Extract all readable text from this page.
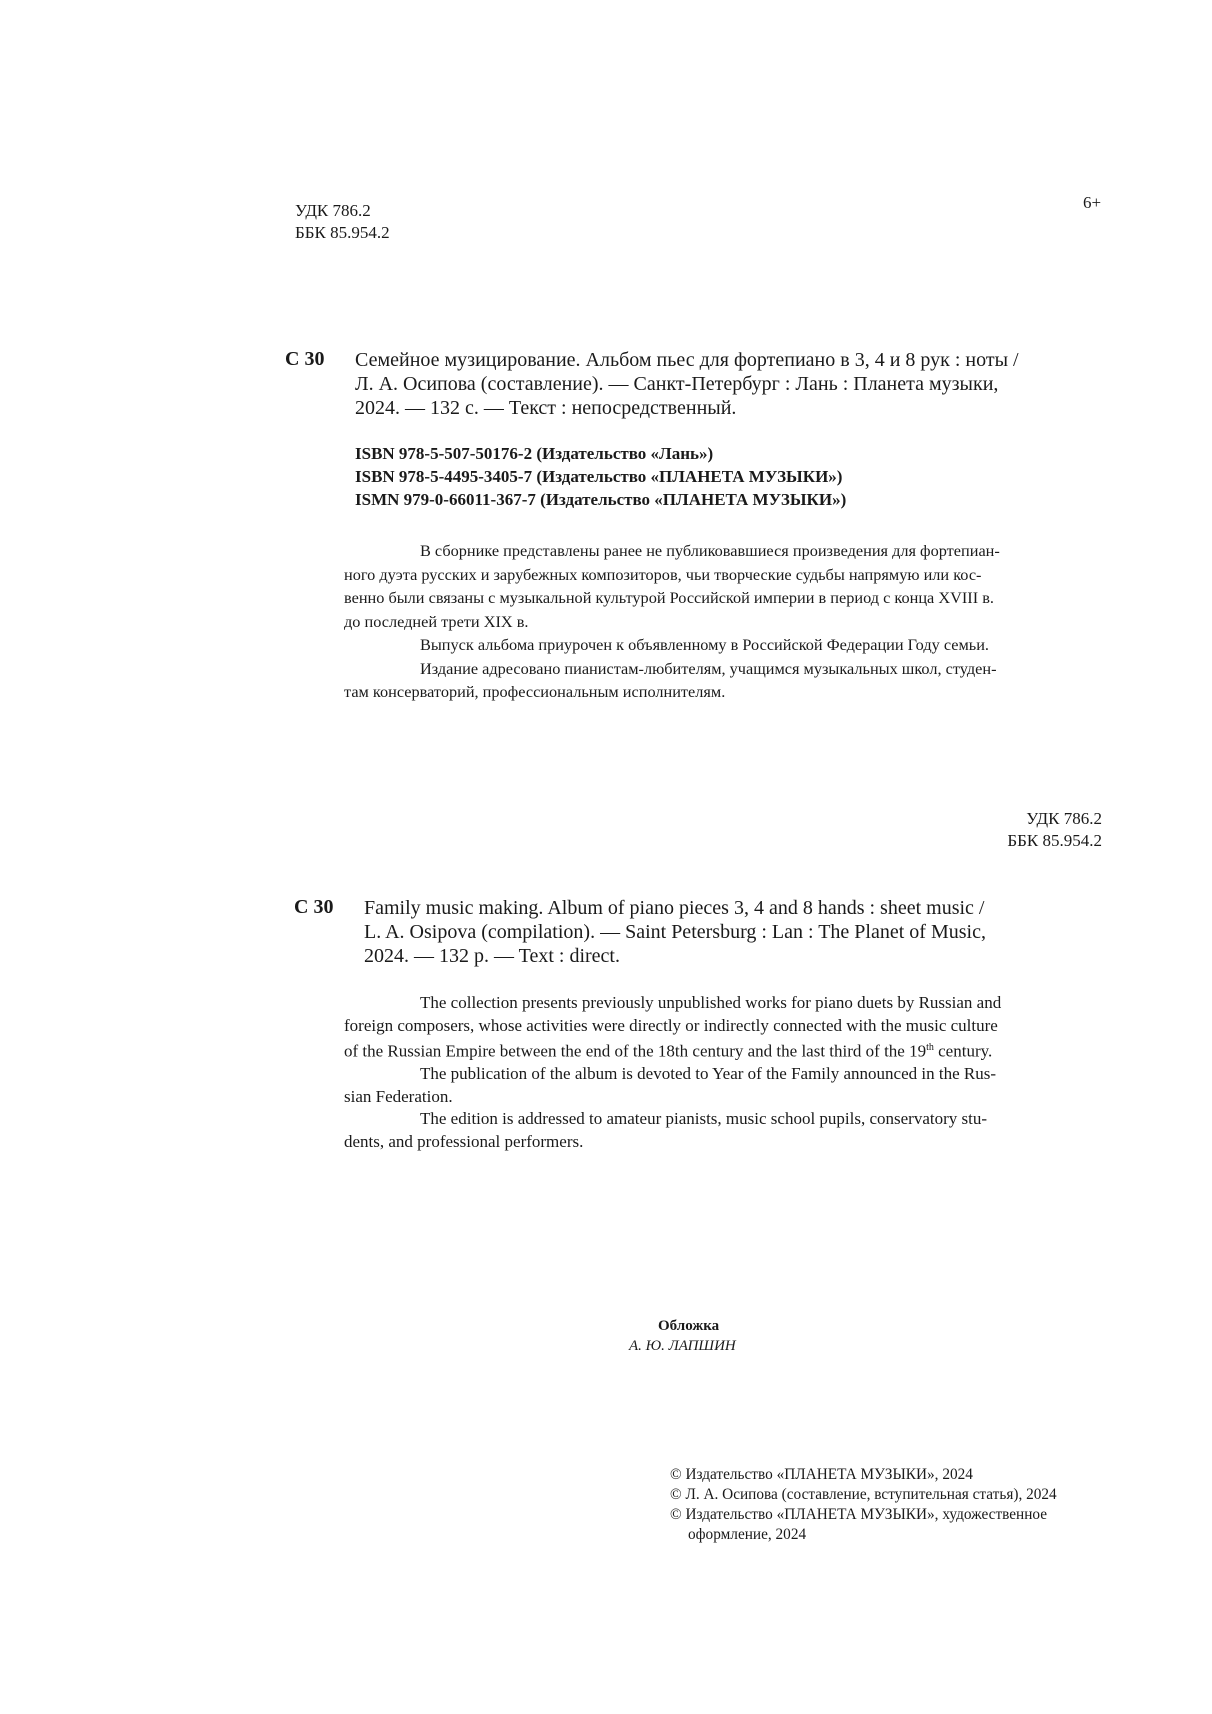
УДК 786.2
ББК 85.954.2
6+
С 30 Семейное музицирование. Альбом пьес для фортепиано в 3, 4 и 8 рук : ноты /
Л. А. Осипова (составление). — Санкт-Петербург : Лань : Планета музыки,
2024. — 132 с. — Текст : непосредственный.
ISBN 978-5-507-50176-2 (Издательство «Лань»)
ISBN 978-5-4495-3405-7 (Издательство «ПЛАНЕТА МУЗЫКИ»)
ISMN 979-0-66011-367-7 (Издательство «ПЛАНЕТА МУЗЫКИ»)
В сборнике представлены ранее не публиковавшиеся произведения для фортепиан-
ного дуэта русских и зарубежных композиторов, чьи творческие судьбы напрямую или кос-
венно были связаны с музыкальной культурой Российской империи в период с конца XVIII в.
до последней трети XIX в.
Выпуск альбома приурочен к объявленному в Российской Федерации Году семьи.
Издание адресовано пианистам-любителям, учащимся музыкальных школ, студен-
там консерваторий, профессиональным исполнителям.
УДК 786.2
ББК 85.954.2
С 30 Family music making. Album of piano pieces 3, 4 and 8 hands : sheet music /
L. A. Osipova (compilation). — Saint Petersburg : Lan : The Planet of Music,
2024. — 132 p. — Text : direct.
The collection presents previously unpublished works for piano duets by Russian and
foreign composers, whose activities were directly or indirectly connected with the music culture
of the Russian Empire between the end of the 18th century and the last third of the 19th century.
The publication of the album is devoted to Year of the Family announced in the Rus-
sian Federation.
The edition is addressed to amateur pianists, music school pupils, conservatory stu-
dents, and professional performers.
Обложка
А. Ю. ЛАПШИН
© Издательство «ПЛАНЕТА МУЗЫКИ», 2024
© Л. А. Осипова (составление, вступительная статья), 2024
© Издательство «ПЛАНЕТА МУЗЫКИ», художественное
оформление, 2024
